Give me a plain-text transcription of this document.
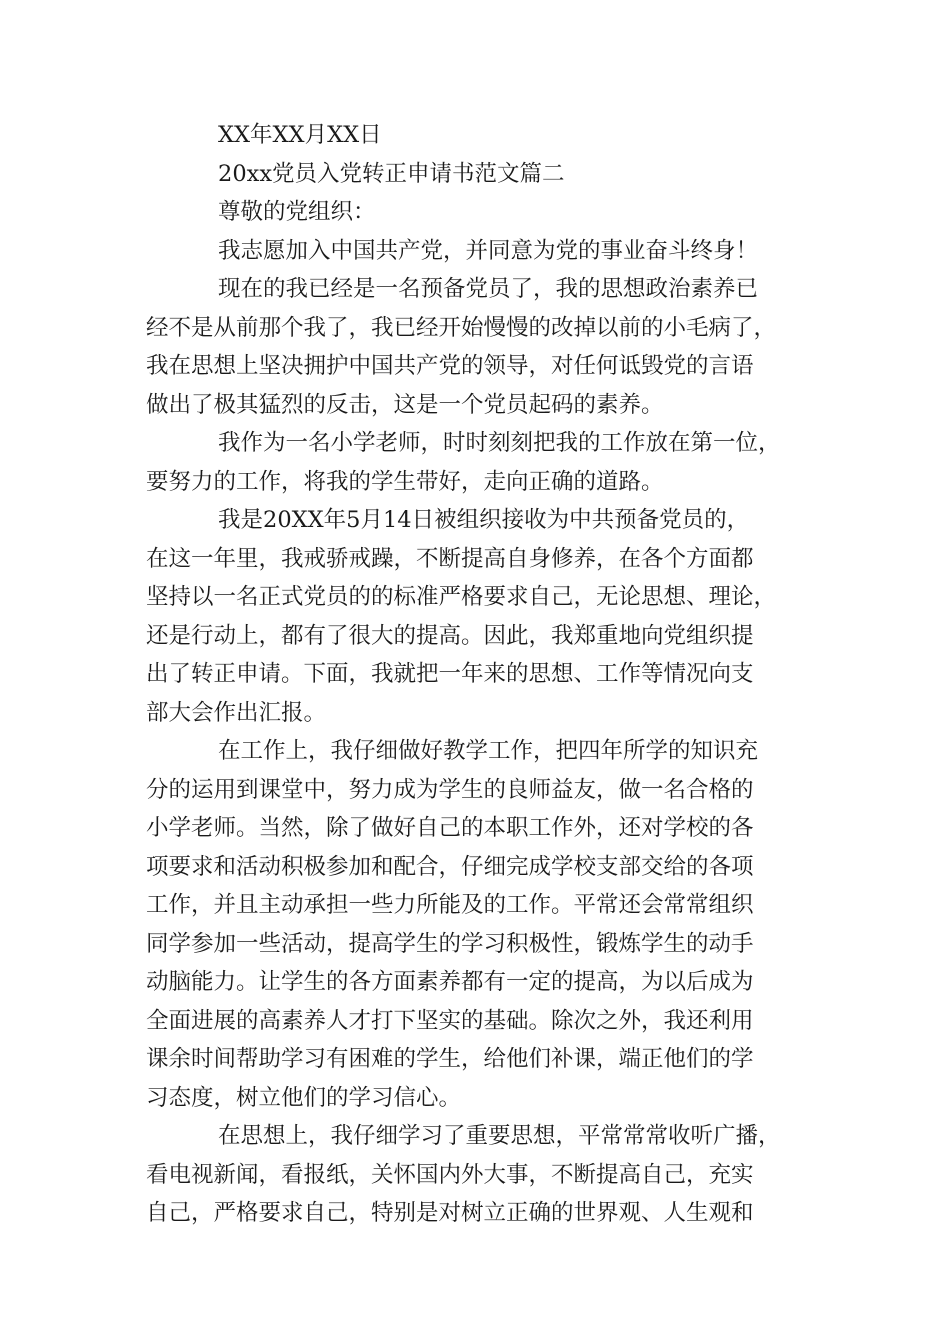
XX年XX月XX日

20xx党员入党转正申请书范文篇二

尊敬的党组织：

我志愿加入中国共产党，并同意为党的事业奋斗终身！

现在的我已经是一名预备党员了，我的思想政治素养已
经不是从前那个我了，我已经开始慢慢的改掉以前的小毛病了，
我在思想上坚决拥护中国共产党的领导，对任何诋毁党的言语
做出了极其猛烈的反击，这是一个党员起码的素养。

我作为一名小学老师，时时刻刻把我的工作放在第一位，
要努力的工作，将我的学生带好，走向正确的道路。

我是20XX年5月14日被组织接收为中共预备党员的，
在这一年里，我戒骄戒躁，不断提高自身修养，在各个方面都
坚持以一名正式党员的的标准严格要求自己，无论思想、理论，
还是行动上，都有了很大的提高。因此，我郑重地向党组织提
出了转正申请。下面，我就把一年来的思想、工作等情况向支
部大会作出汇报。

在工作上，我仔细做好教学工作，把四年所学的知识充
分的运用到课堂中，努力成为学生的良师益友，做一名合格的
小学老师。当然，除了做好自己的本职工作外，还对学校的各
项要求和活动积极参加和配合，仔细完成学校支部交给的各项
工作，并且主动承担一些力所能及的工作。平常还会常常组织
同学参加一些活动，提高学生的学习积极性，锻炼学生的动手
动脑能力。让学生的各方面素养都有一定的提高，为以后成为
全面进展的高素养人才打下坚实的基础。除次之外，我还利用
课余时间帮助学习有困难的学生，给他们补课，端正他们的学
习态度，树立他们的学习信心。

在思想上，我仔细学习了重要思想，平常常常收听广播，
看电视新闻，看报纸，关怀国内外大事，不断提高自己，充实
自己，严格要求自己，特别是对树立正确的世界观、人生观和
